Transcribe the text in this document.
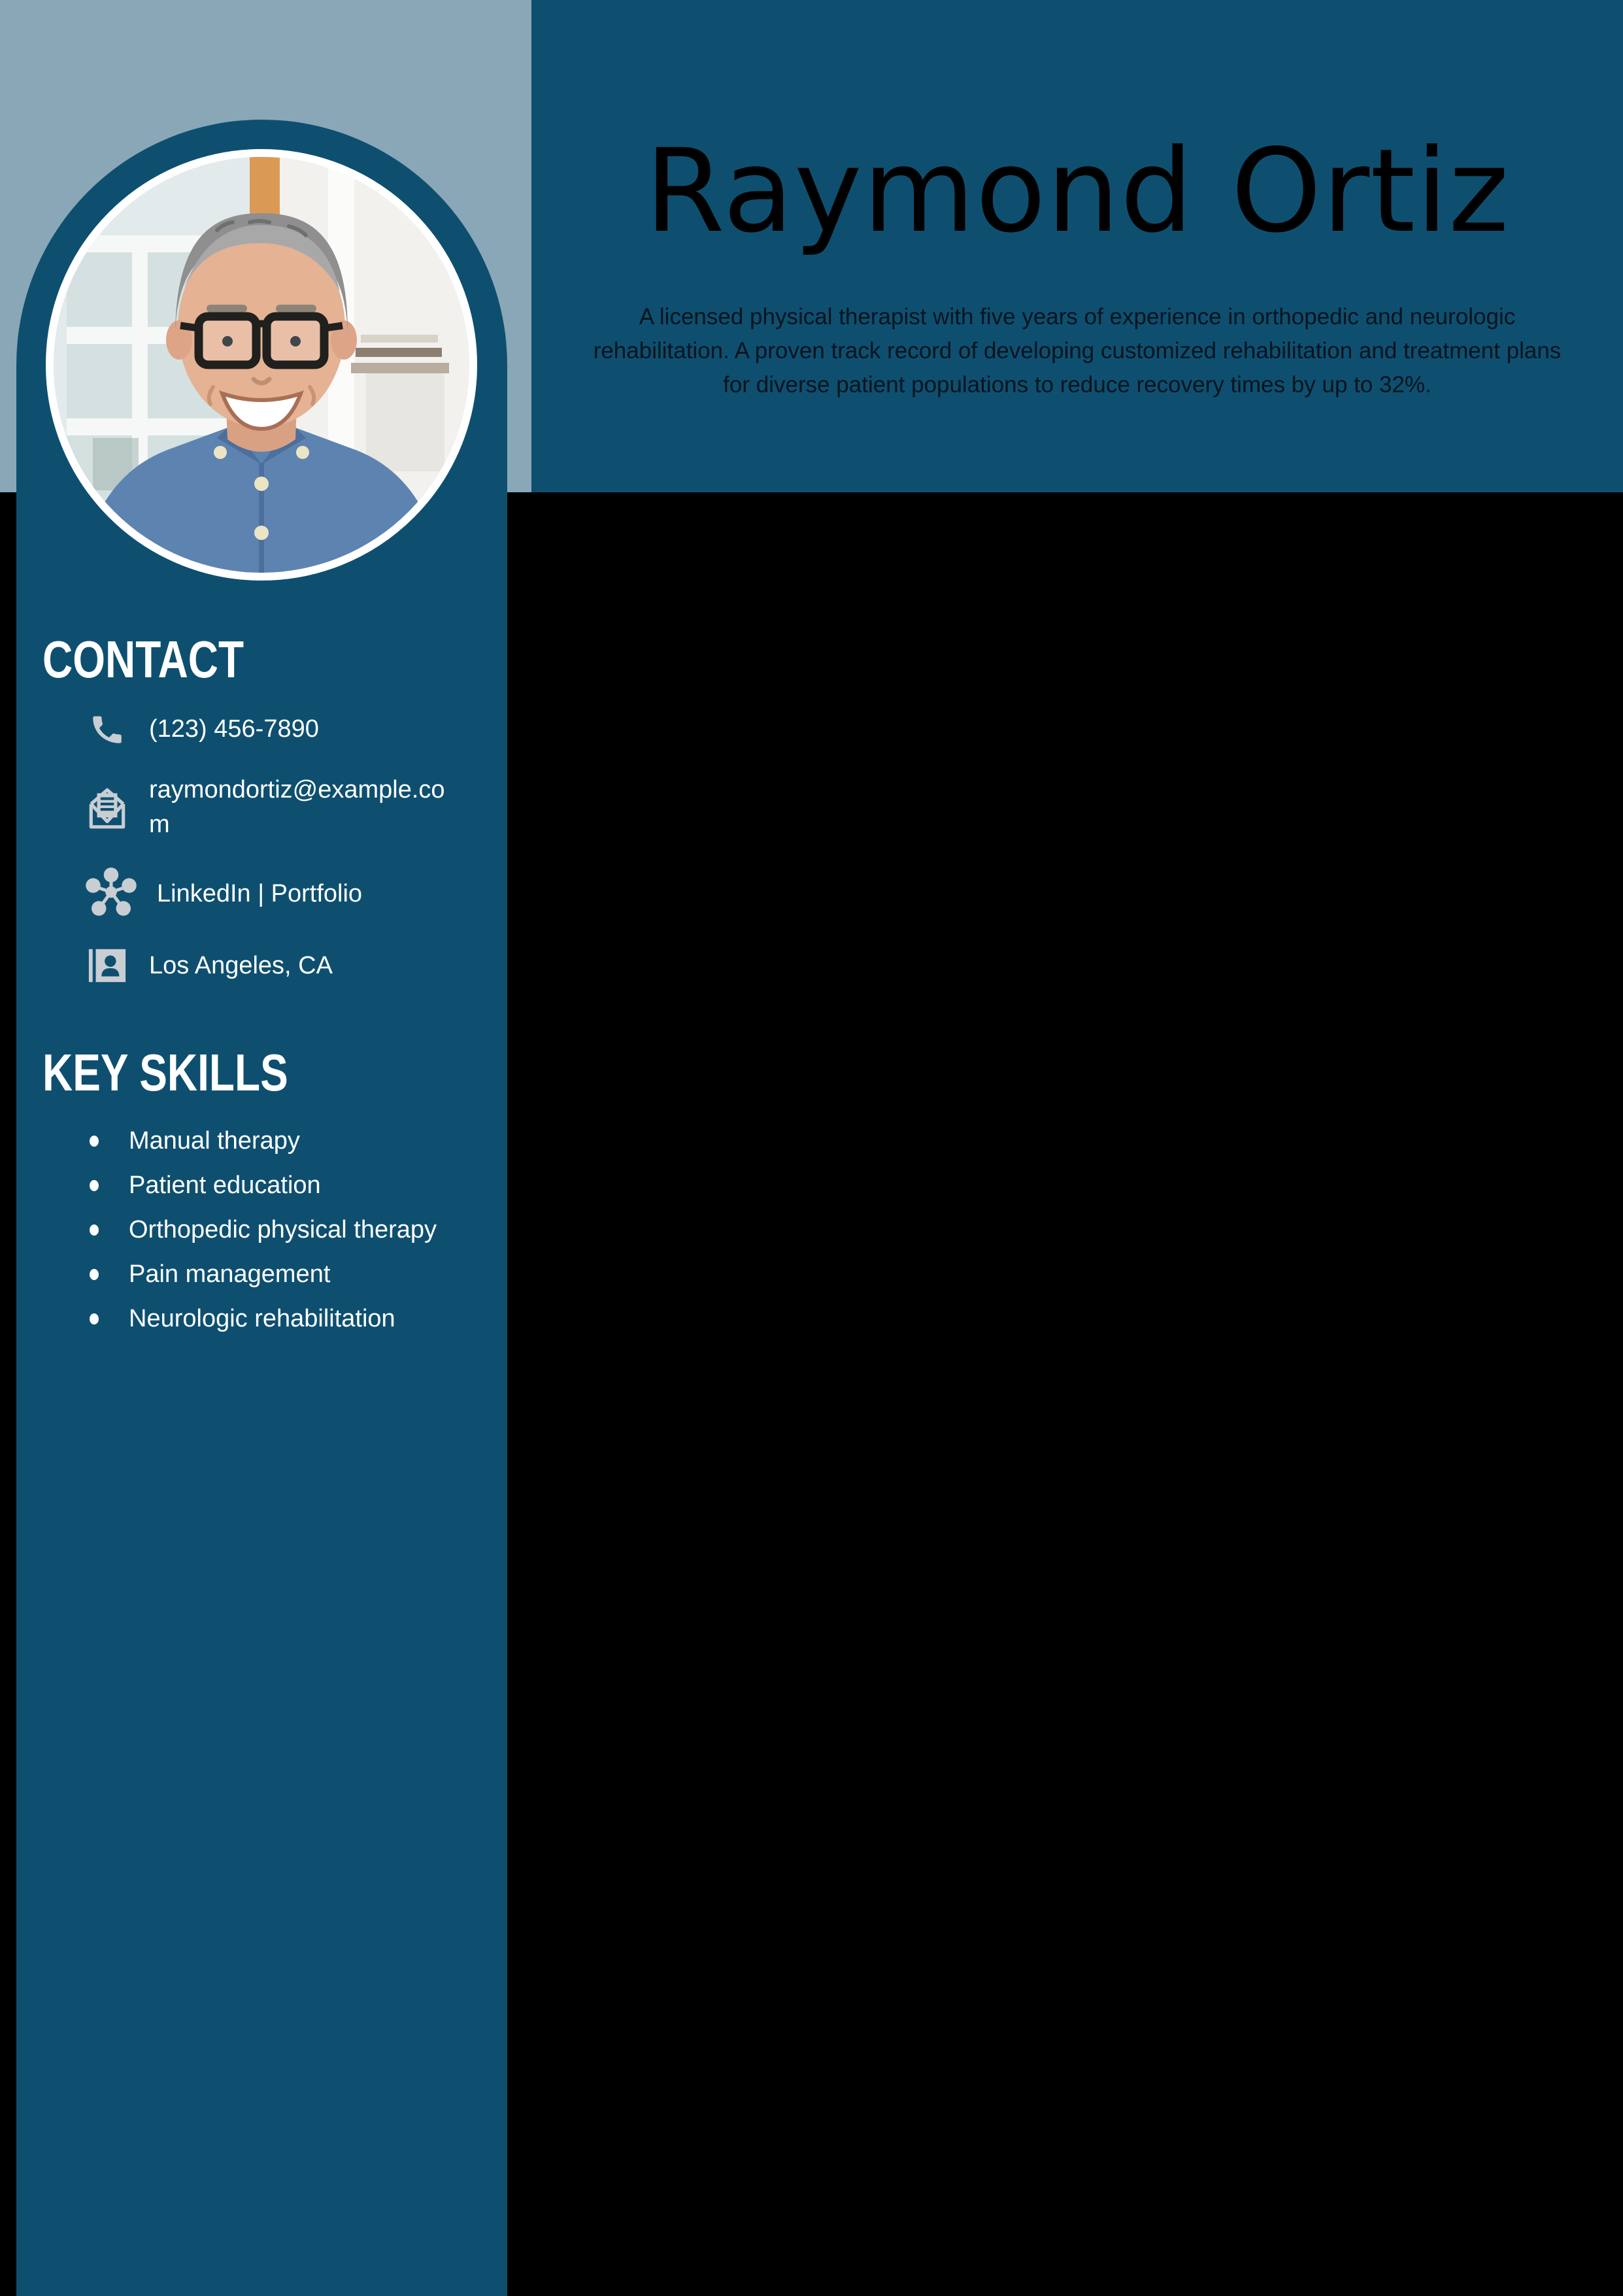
Raymond Ortiz

A licensed physical therapist with five years of experience in orthopedic and neurologic rehabilitation. A proven track record of developing customized rehabilitation and treatment plans for diverse patient populations to reduce recovery times by up to 32%.

CONTACT
(123) 456-7890
raymondortiz@example.com
LinkedIn | Portfolio
Los Angeles, CA
KEY SKILLS
Manual therapy
Patient education
Orthopedic physical therapy
Pain management
Neurologic rehabilitation
